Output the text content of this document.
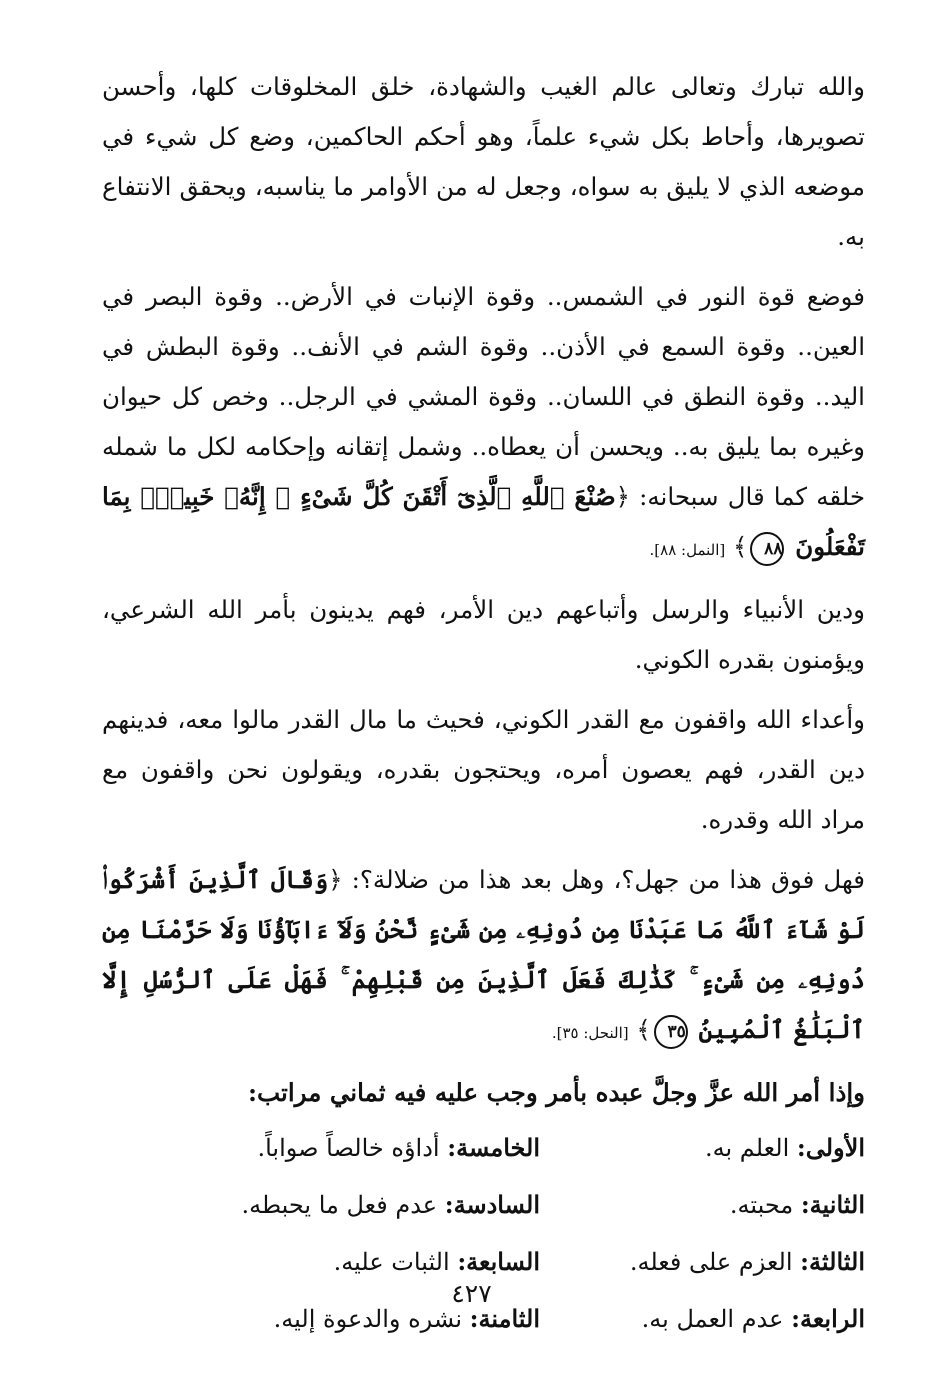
والله تبارك وتعالى عالم الغيب والشهادة، خلق المخلوقات كلها، وأحسن تصويرها، وأحاط بكل شيء علماً، وهو أحكم الحاكمين، وضع كل شيء في موضعه الذي لا يليق به سواه، وجعل له من الأوامر ما يناسبه، ويحقق الانتفاع به.

فوضع قوة النور في الشمس.. وقوة الإنبات في الأرض.. وقوة البصر في العين.. وقوة السمع في الأذن.. وقوة الشم في الأنف.. وقوة البطش في اليد.. وقوة النطق في اللسان.. وقوة المشي في الرجل.. وخص كل حيوان وغيره بما يليق به.. ويحسن أن يعطاه.. وشمل إتقانه وإحكامه لكل ما شمله خلقه كما قال سبحانه: ﴿صُنْعَ ٱللَّهِ ٱلَّذِىٓ أَتْقَنَ كُلَّ شَىْءٍ ۚ إِنَّهُۥ خَبِيرٌۢ بِمَا تَفْعَلُونَ ٨٨﴾ [النمل: ٨٨].

ودين الأنبياء والرسل وأتباعهم دين الأمر، فهم يدينون بأمر الله الشرعي، ويؤمنون بقدره الكوني.

وأعداء الله واقفون مع القدر الكوني، فحيث ما مال القدر مالوا معه، فدينهم دين القدر، فهم يعصون أمره، ويحتجون بقدره، ويقولون نحن واقفون مع مراد الله وقدره.

فهل فوق هذا من جهل؟، وهل بعد هذا من ضلالة؟: ﴿وَقَالَ ٱلَّذِينَ أَشْرَكُوا۟ لَوْ شَآءَ ٱللَّهُ مَا عَبَدْنَا مِن دُونِهِۦ مِن شَىْءٍ نَّحْنُ وَلَآ ءَابَآؤُنَا وَلَا حَرَّمْنَا مِن دُونِهِۦ مِن شَىْءٍ ۚ كَذَٰلِكَ فَعَلَ ٱلَّذِينَ مِن قَبْلِهِمْ ۚ فَهَلْ عَلَى ٱلرُّسُلِ إِلَّا ٱلْبَلَٰغُ ٱلْمُبِينُ ٣٥﴾ [النحل: ٣٥].

وإذا أمر الله عزَّ وجلَّ عبده بأمر وجب عليه فيه ثماني مراتب:

الأولى: العلم به.
الثانية: محبته.
الثالثة: العزم على فعله.
الرابعة: عدم العمل به.
الخامسة: أداؤه خالصاً صواباً.
السادسة: عدم فعل ما يحبطه.
السابعة: الثبات عليه.
الثامنة: نشره والدعوة إليه.
٤٢٧
